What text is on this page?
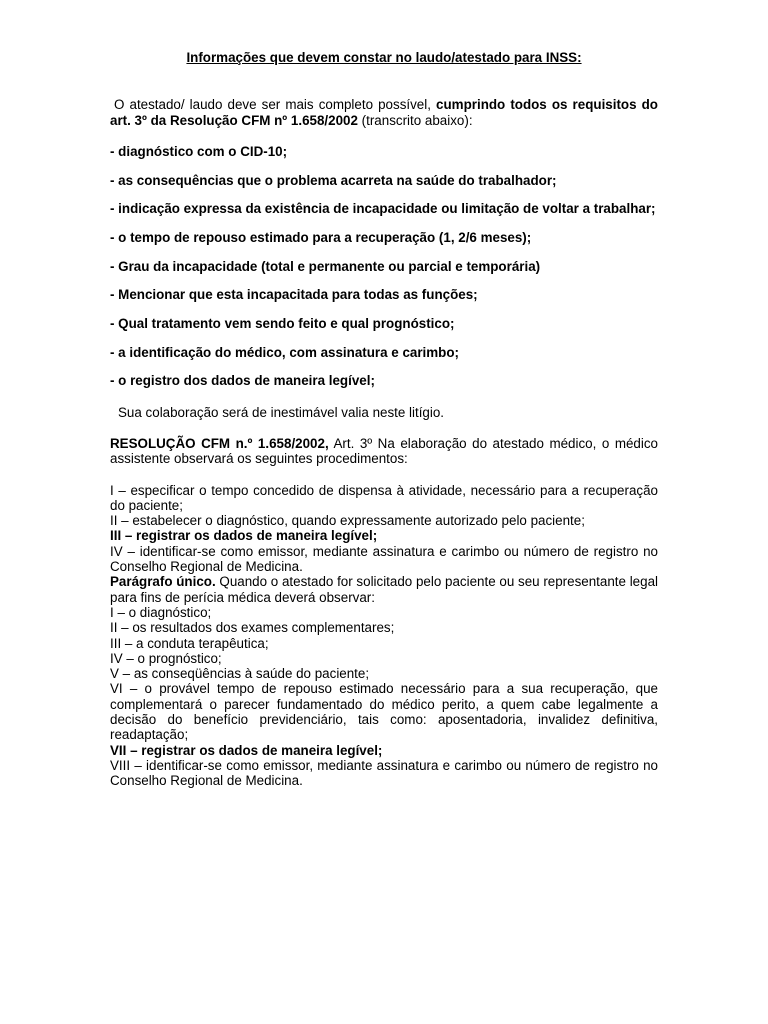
Informações que devem constar no laudo/atestado para INSS:

O atestado/ laudo deve ser mais completo possível, cumprindo todos os requisitos do art. 3º da Resolução CFM nº 1.658/2002 (transcrito abaixo):

- diagnóstico com o CID-10;

- as consequências que o problema acarreta na saúde do trabalhador;

- indicação expressa da existência de incapacidade ou limitação de voltar a trabalhar;

- o tempo de repouso estimado para a recuperação (1, 2/6 meses);

- Grau da incapacidade (total e permanente ou parcial e temporária)

- Mencionar que esta incapacitada para todas as funções;

- Qual tratamento vem sendo feito e qual prognóstico;

- a identificação do médico, com assinatura e carimbo;

- o registro dos dados de maneira legível;

Sua colaboração será de inestimável valia neste litígio.

RESOLUÇÃO CFM n.º 1.658/2002, Art. 3º Na elaboração do atestado médico, o médico assistente observará os seguintes procedimentos:

I – especificar o tempo concedido de dispensa à atividade, necessário para a recuperação do paciente;

II – estabelecer o diagnóstico, quando expressamente autorizado pelo paciente;

III – registrar os dados de maneira legível;

IV – identificar-se como emissor, mediante assinatura e carimbo ou número de registro no Conselho Regional de Medicina.

Parágrafo único. Quando o atestado for solicitado pelo paciente ou seu representante legal para fins de perícia médica deverá observar:

I – o diagnóstico;

II – os resultados dos exames complementares;

III – a conduta terapêutica;

IV – o prognóstico;

V – as conseqüências à saúde do paciente;

VI – o provável tempo de repouso estimado necessário para a sua recuperação, que complementará o parecer fundamentado do médico perito, a quem cabe legalmente a decisão do benefício previdenciário, tais como: aposentadoria, invalidez definitiva, readaptação;

VII – registrar os dados de maneira legível;

VIII – identificar-se como emissor, mediante assinatura e carimbo ou número de registro no Conselho Regional de Medicina.
